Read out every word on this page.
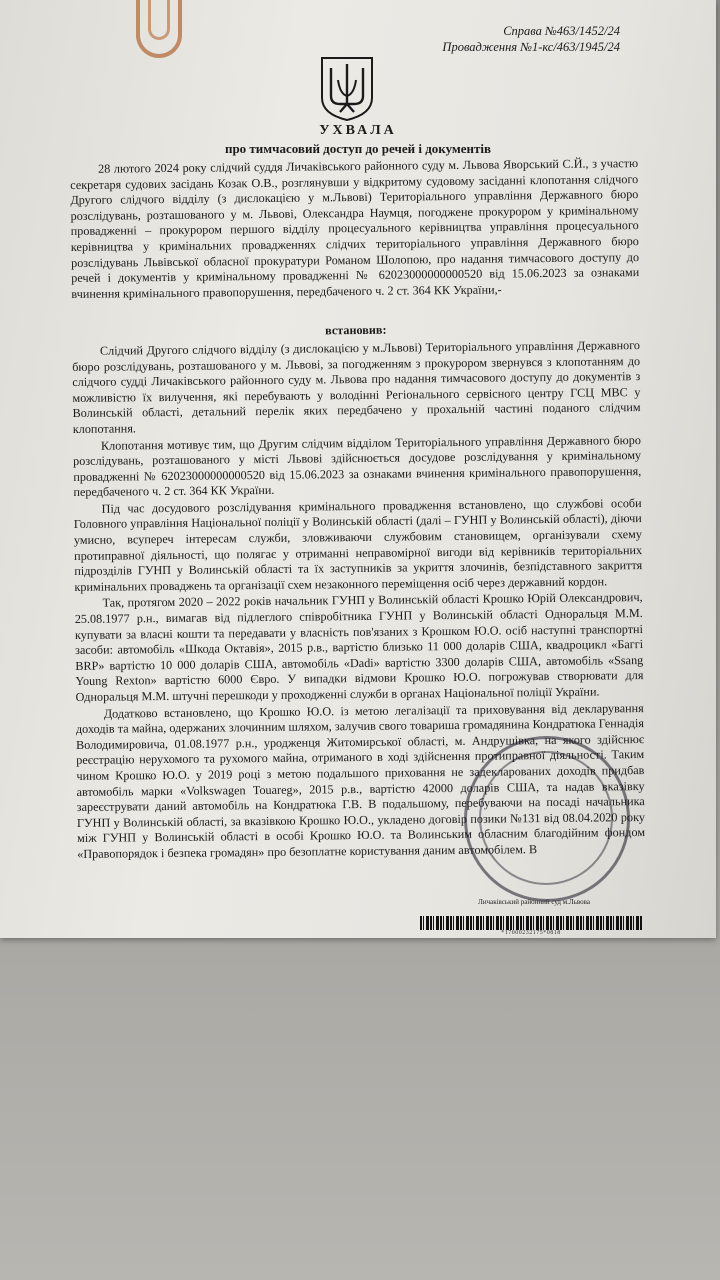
Справа №463/1452/24
Провадження №1-кс/463/1945/24
УХВАЛА
про тимчасовий доступ до речей і документів

28 лютого 2024 року слідчий суддя Личаківського районного суду м. Львова Яворський С.Й., з участю секретаря судових засідань Козак О.В., розглянувши у відкритому судовому засіданні клопотання слідчого Другого слідчого відділу (з дислокацією у м.Львові) Територіального управління Державного бюро розслідувань, розташованого у м. Львові, Олександра Наумця, погоджене прокурором у кримінальному провадженні – прокурором першого відділу процесуального керівництва управління процесуального керівництва у кримінальних провадженнях слідчих територіального управління Державного бюро розслідувань Львівської обласної прокуратури Романом Шолопою, про надання тимчасового доступу до речей і документів у кримінальному провадженні № 62023000000000520 від 15.06.2023 за ознаками вчинення кримінального правопорушення, передбаченого ч. 2 ст. 364 КК України,-

встановив:

Слідчий Другого слідчого відділу (з дислокацією у м.Львові) Територіального управління Державного бюро розслідувань, розташованого у м. Львові, за погодженням з прокурором звернувся з клопотанням до слідчого судді Личаківського районного суду м. Львова про надання тимчасового доступу до документів з можливістю їх вилучення, які перебувають у володінні Регіонального сервісного центру ГСЦ МВС у Волинській області, детальний перелік яких передбачено у прохальній частині поданого слідчим клопотання.

Клопотання мотивує тим, що Другим слідчим відділом Територіального управління Державного бюро розслідувань, розташованого у місті Львові здійснюється досудове розслідування у кримінальному провадженні № 62023000000000520 від 15.06.2023 за ознаками вчинення кримінального правопорушення, передбаченого ч. 2 ст. 364 КК України.

Під час досудового розслідування кримінального провадження встановлено, що службові особи Головного управління Національної поліції у Волинській області (далі – ГУНП у Волинській області), діючи умисно, всупереч інтересам служби, зловживаючи службовим становищем, організували схему протиправної діяльності, що полягає у отриманні неправомірної вигоди від керівників територіальних підрозділів ГУНП у Волинській області та їх заступників за укриття злочинів, безпідставного закриття кримінальних проваджень та організації схем незаконного переміщення осіб через державний кордон.

Так, протягом 2020 – 2022 років начальник ГУНП у Волинській області Крошко Юрій Олександрович, 25.08.1977 р.н., вимагав від підлеглого співробітника ГУНП у Волинській області Одноральця М.М. купувати за власні кошти та передавати у власність пов'язаних з Крошком Ю.О. осіб наступні транспортні засоби: автомобіль «Шкода Октавія», 2015 р.в., вартістю близько 11 000 доларів США, квадроцикл «Баггі BRP» вартістю 10 000 доларів США, автомобіль «Dadi» вартістю 3300 доларів США, автомобіль «Ssang Young Rexton» вартістю 6000 Євро. У випадки відмови Крошко Ю.О. погрожував створювати для Одноральця М.М. штучні перешкоди у проходженні служби в органах Національної поліції України.

Додатково встановлено, що Крошко Ю.О. із метою легалізації та приховування від декларування доходів та майна, одержаних злочинним шляхом, залучив свого товариша громадянина Кондратюка Геннадія Володимировича, 01.08.1977 р.н., уродженця Житомирської області, м. Андрушівка, на якого здійснює реєстрацію нерухомого та рухомого майна, отриманого в ході здійснення протиправної діяльності. Таким чином Крошко Ю.О. у 2019 році з метою подальшого приховання не задекларованих доходів придбав автомобіль марки «Volkswagen Touareg», 2015 р.в., вартістю 42000 доларів США, та надав вказівку зареєструвати даний автомобіль на Кондратюка Г.В. В подальшому, перебуваючи на посаді начальника ГУНП у Волинській області, за вказівкою Крошко Ю.О., укладено договір позики №131 від 08.04.2020 року між ГУНП у Волинській області в особі Крошко Ю.О. та Волинським обласним благодійним фондом «Правопорядок і безпека громадян» про безоплатне користування даним автомобілем. В

Личаківський районний суд м.Львова
*17000232175*0818
